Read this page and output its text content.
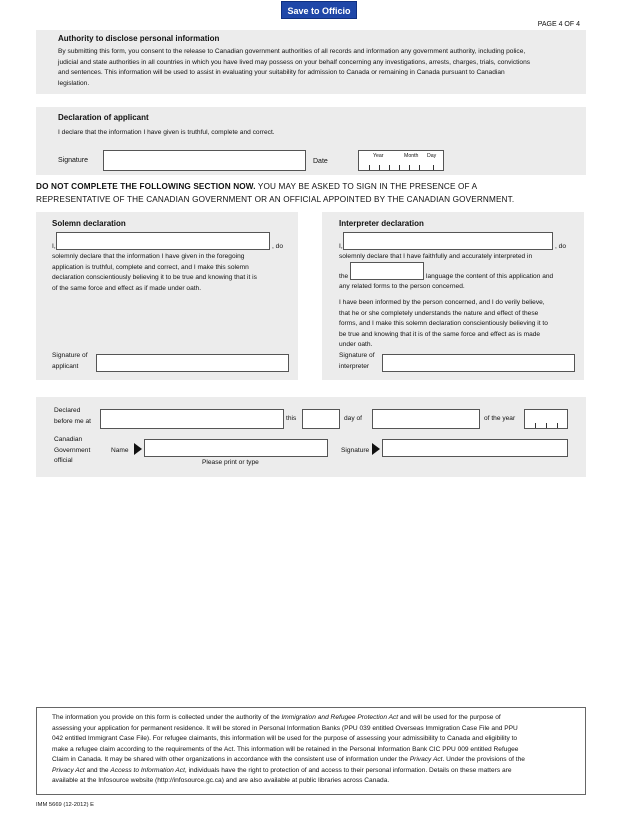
Save to Officio
PAGE 4 OF 4
Authority to disclose personal information
By submitting this form, you consent to the release to Canadian government authorities of all records and information any government authority, including police,
judicial and state authorities in all countries in which you have lived may possess on your behalf concerning any investigations, arrests, charges, trials, convictions
and sentences. This information will be used to assist in evaluating your suitability for admission to Canada or remaining in Canada pursuant to Canadian
legislation.
Declaration of applicant
I declare that the information I have given is truthful, complete and correct.
Signature	Date
Year	Month Day
DO NOT COMPLETE THE FOLLOWING SECTION NOW. YOU MAY BE ASKED TO SIGN IN THE PRESENCE OF A
REPRESENTATIVE OF THE CANADIAN GOVERNMENT OR AN OFFICIAL APPOINTED BY THE CANADIAN GOVERNMENT.
Solemn declaration
I,	, do
solemnly declare that the information I have given in the foregoing
application is truthful, complete and correct, and I make this solemn
declaration conscientiously believing it to be true and knowing that it is
of the same force and effect as if made under oath.
Signature of
applicant
Interpreter declaration
I,	, do
solemnly declare that I have faithfully and accurately interpreted in
the	language the content of this application and
any related forms to the person concerned.
I have been informed by the person concerned, and I do verily believe,
that he or she completely understands the nature and effect of these
forms, and I make this solemn declaration conscientiously believing it to
be true and knowing that it is of the same force and effect as is made
under oath.
Signature of
interpreter
Declared
before me at	this	day of	of the year
Canadian
Government
official
Name
Please print or type
Signature
The information you provide on this form is collected under the authority of the Immigration and Refugee Protection Act and will be used for the purpose of
assessing your application for permanent residence. It will be stored in Personal Information Banks (PPU 039 entitled Overseas Immigration Case File and PPU
042 entitled Immigrant Case File). For refugee claimants, this information will be used for the purpose of assessing your admissibility to Canada and eligibility to
make a refugee claim according to the requirements of the Act. This information will be retained in the Personal Information Bank CIC PPU 009 entitled Refugee
Claim in Canada. It may be shared with other organizations in accordance with the consistent use of information under the Privacy Act. Under the provisions of the
Privacy Act and the Access to Information Act, individuals have the right to protection of and access to their personal information. Details on these matters are
available at the Infosource website (http://infosource.gc.ca) and are also available at public libraries across Canada.
IMM 5669 (12-2012) E
